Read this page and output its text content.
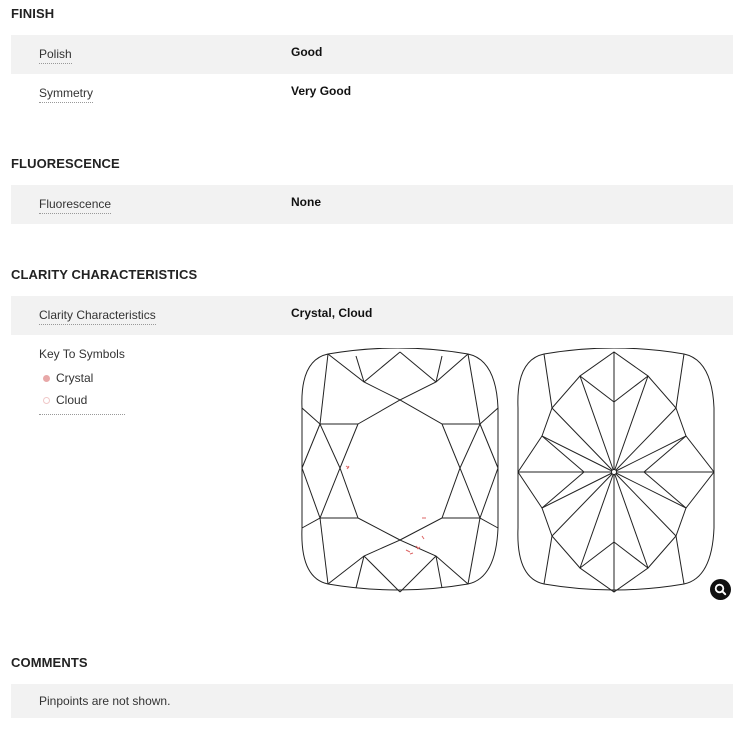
FINISH
Polish	Good
Symmetry	Very Good
FLUORESCENCE
Fluorescence	None
CLARITY CHARACTERISTICS
Clarity Characteristics	Crystal, Cloud
Key To Symbols
Crystal
Cloud
COMMENTS
Pinpoints are not shown.
